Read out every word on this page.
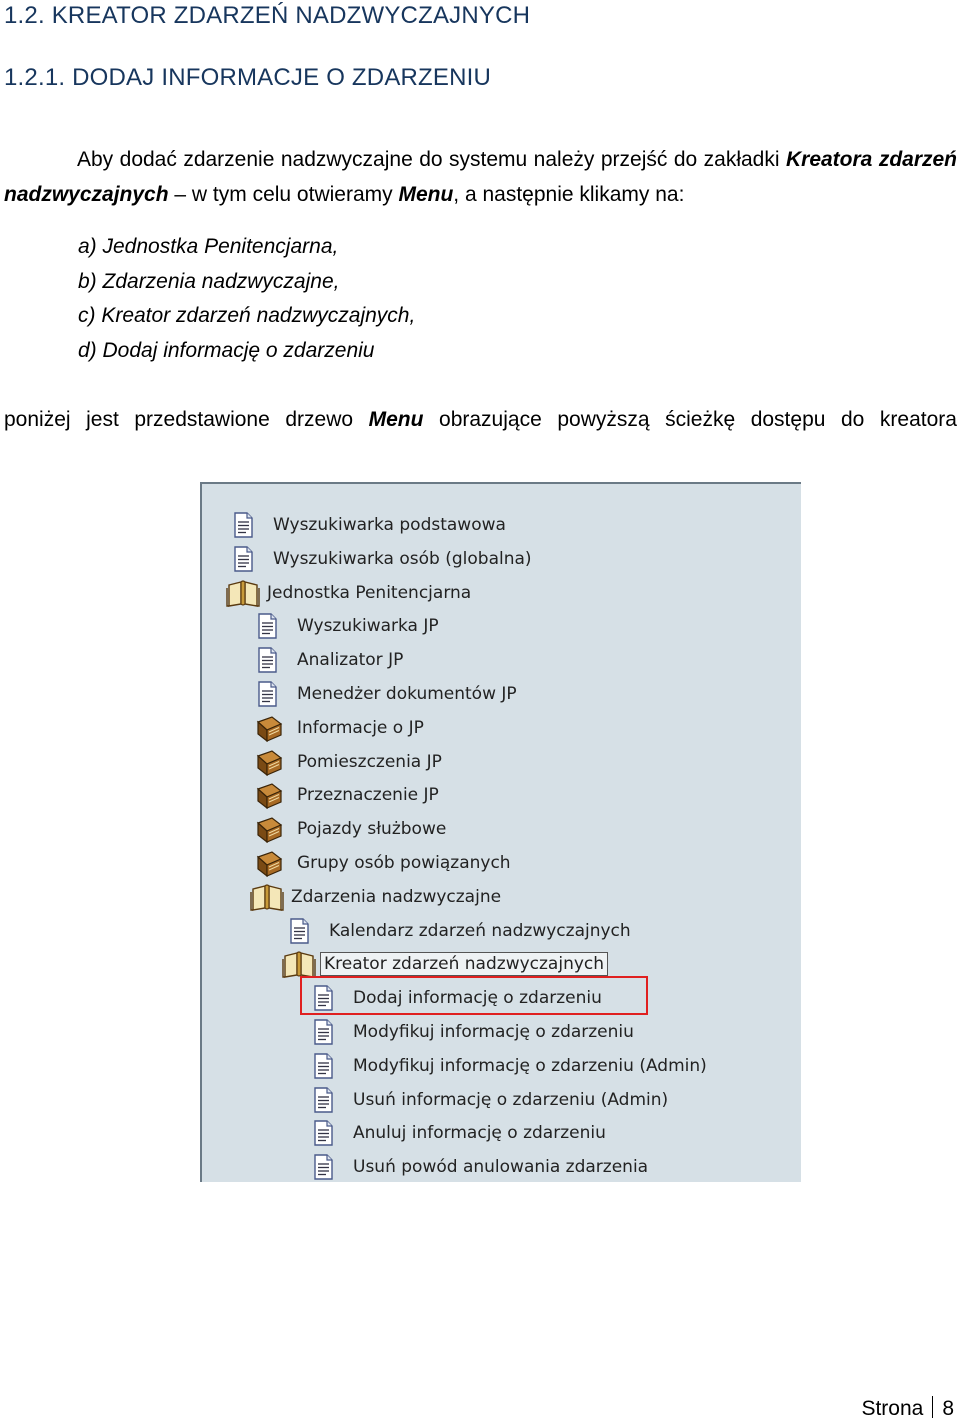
1.2. KREATOR ZDARZEŃ NADZWYCZAJNYCH
1.2.1. DODAJ INFORMACJE O ZDARZENIU

Aby dodać zdarzenie nadzwyczajne do systemu należy przejść do zakładki Kreatora zdarzeń nadzwyczajnych – w tym celu otwieramy Menu, a następnie klikamy na:

a) Jednostka Penitencjarna,
b) Zdarzenia nadzwyczajne,
c) Kreator zdarzeń nadzwyczajnych,
d) Dodaj informację o zdarzeniu

poniżej jest przedstawione drzewo Menu obrazujące powyższą ścieżkę dostępu do kreatora

Wyszukiwarka podstawowa
Wyszukiwarka osób (globalna)
Jednostka Penitencjarna
Wyszukiwarka JP
Analizator JP
Menedżer dokumentów JP
Informacje o JP
Pomieszczenia JP
Przeznaczenie JP
Pojazdy służbowe
Grupy osób powiązanych
Zdarzenia nadzwyczajne
Kalendarz zdarzeń nadzwyczajnych
Kreator zdarzeń nadzwyczajnych
Dodaj informację o zdarzeniu
Modyfikuj informację o zdarzeniu
Modyfikuj informację o zdarzeniu (Admin)
Usuń informację o zdarzeniu (Admin)
Anuluj informację o zdarzeniu
Usuń powód anulowania zdarzenia
Strona 8
